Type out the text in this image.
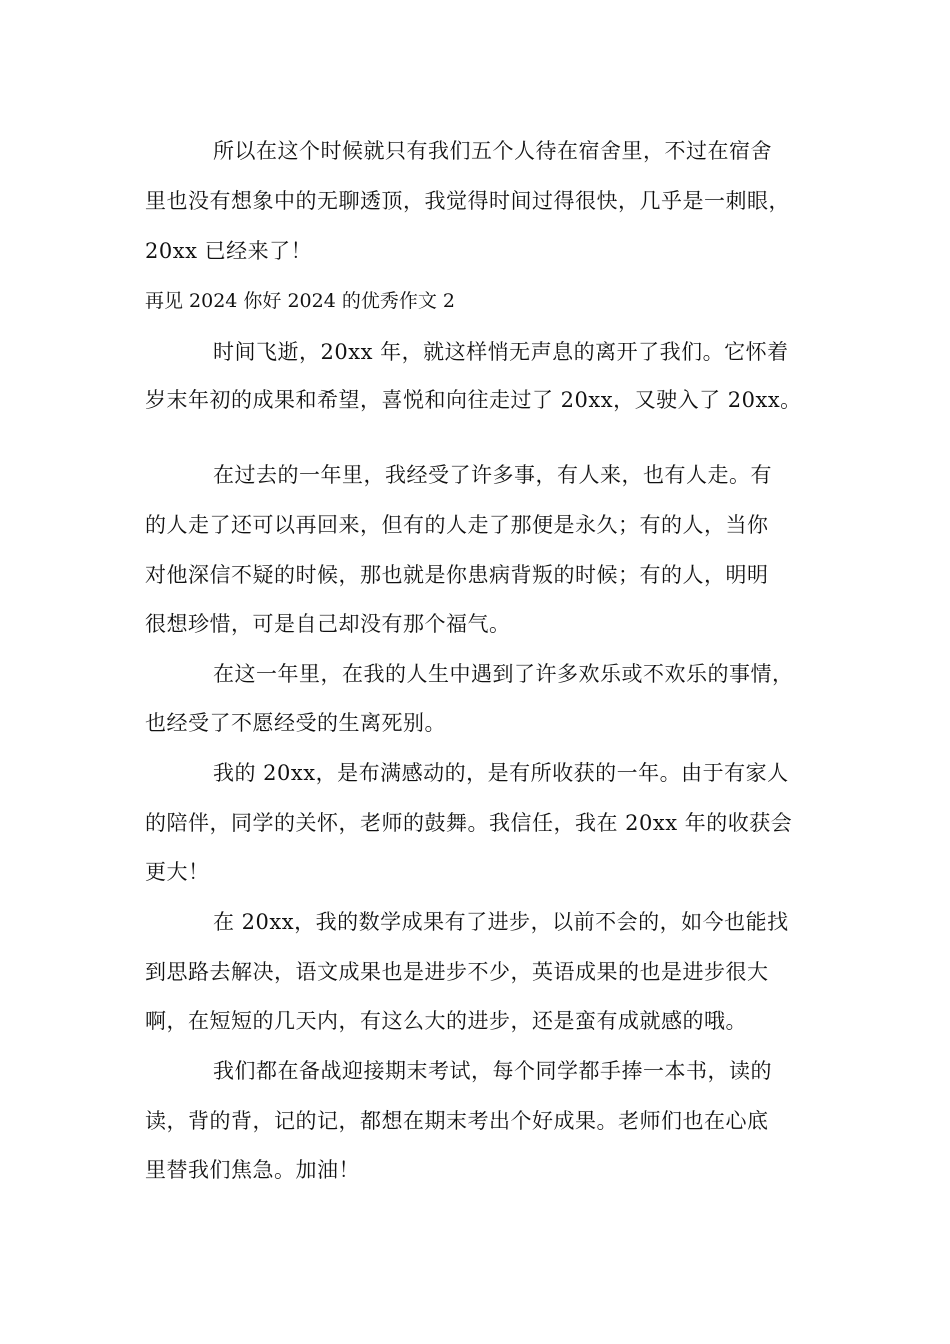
所以在这个时候就只有我们五个人待在宿舍里，不过在宿舍
里也没有想象中的无聊透顶，我觉得时间过得很快，几乎是一刺眼，
20xx 已经来了！
再见 2024 你好 2024 的优秀作文 2
时间飞逝，20xx 年，就这样悄无声息的离开了我们。它怀着
岁末年初的成果和希望，喜悦和向往走过了 20xx，又驶入了 20xx。
在过去的一年里，我经受了许多事，有人来，也有人走。有
的人走了还可以再回来，但有的人走了那便是永久；有的人，当你
对他深信不疑的时候，那也就是你患病背叛的时候；有的人，明明
很想珍惜，可是自己却没有那个福气。
在这一年里，在我的人生中遇到了许多欢乐或不欢乐的事情，
也经受了不愿经受的生离死别。
我的 20xx，是布满感动的，是有所收获的一年。由于有家人
的陪伴，同学的关怀，老师的鼓舞。我信任，我在 20xx 年的收获会
更大！
在 20xx，我的数学成果有了进步，以前不会的，如今也能找
到思路去解决，语文成果也是进步不少，英语成果的也是进步很大
啊，在短短的几天内，有这么大的进步，还是蛮有成就感的哦。
我们都在备战迎接期末考试，每个同学都手捧一本书，读的
读，背的背，记的记，都想在期末考出个好成果。老师们也在心底
里替我们焦急。加油！
